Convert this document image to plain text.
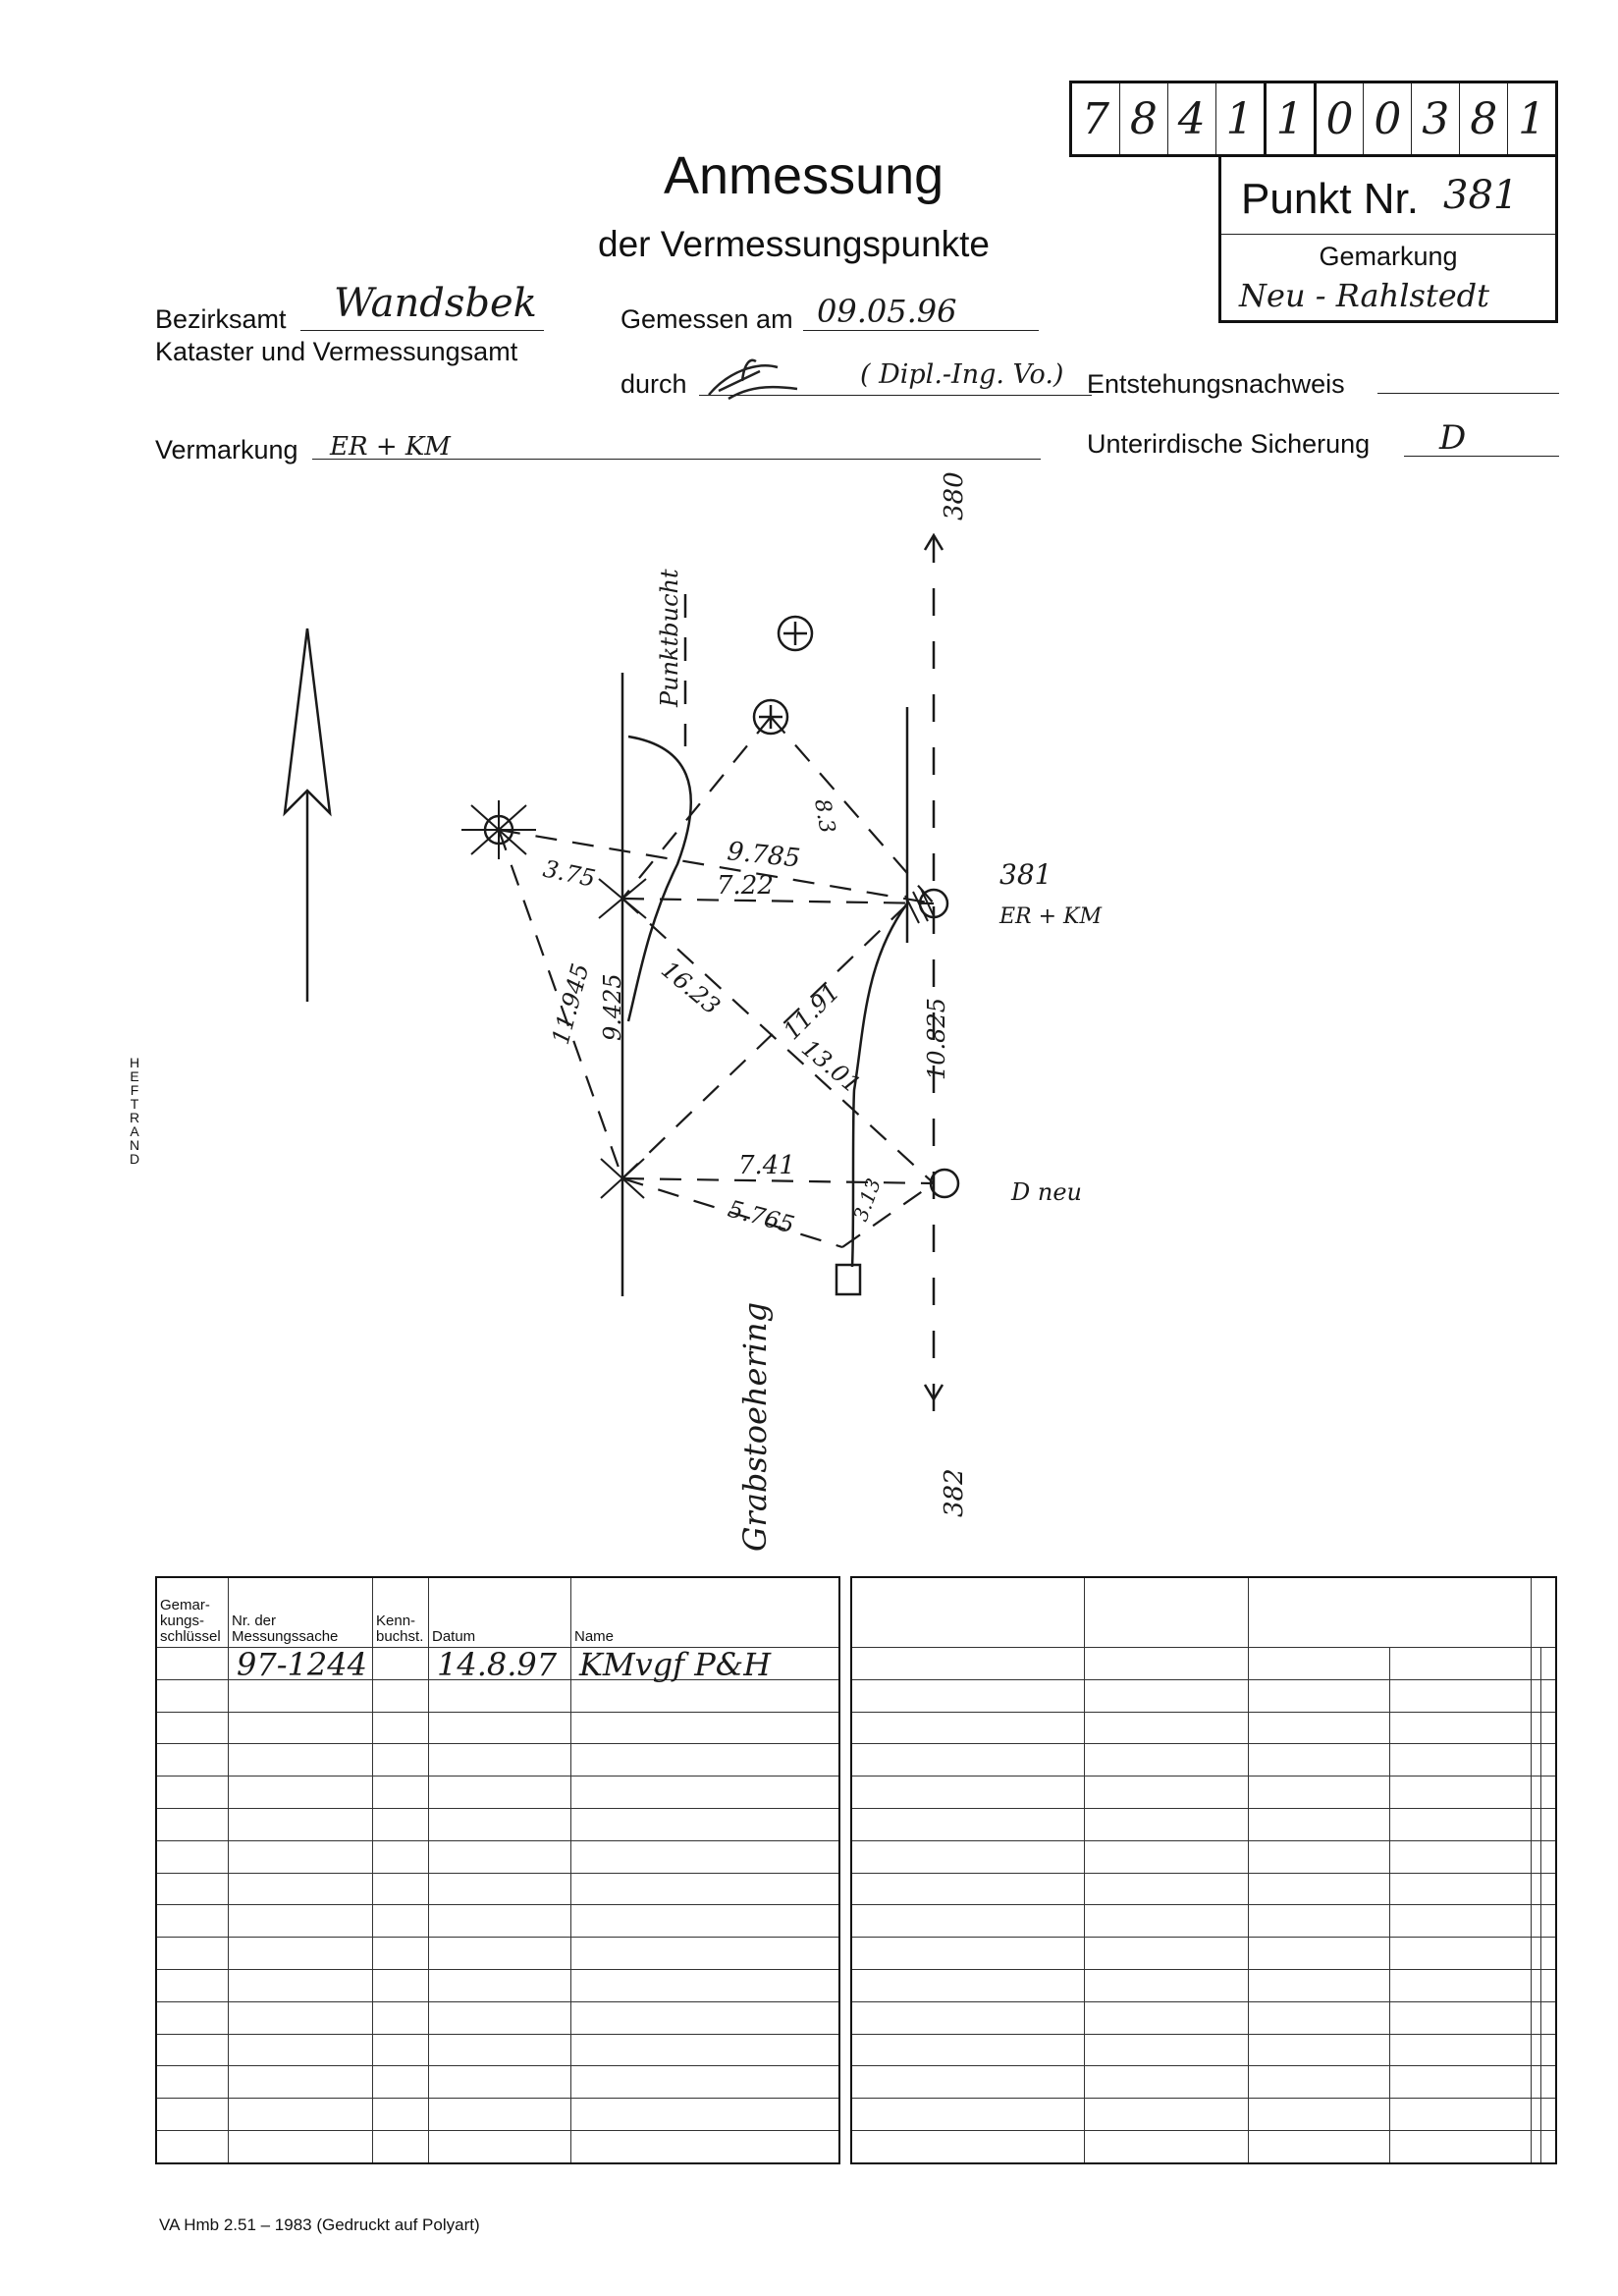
7 8 4 1 1 0 0 3 8 1
Punkt Nr. 381
Gemarkung
Neu - Rahlstedt
Anmessung
der Vermessungspunkte
Bezirksamt Wandsbek
Kataster und Vermessungsamt
Gemessen am 09.05.96
durch	( Dipl.-Ing. Vo.) Entstehungsnachweis
Vermarkung ER + KM	Unterirdische Sicherung D
380
382
Punktbucht
Grabstoehering
381
ER + KM
D neu
3.75	9.785
7.22
8.3
11.945 9.425 16.23 11.91
13.01 10.825
7.41
5.765	3.13
HEFTRAND
Gemar-kungs-schlüssel	Nr. der Messungssache	Kenn-buchst.	Datum	Name
	97-1244		14.8.97	KMvgf P&H

VA Hmb 2.51 – 1983 (Gedruckt auf Polyart)
